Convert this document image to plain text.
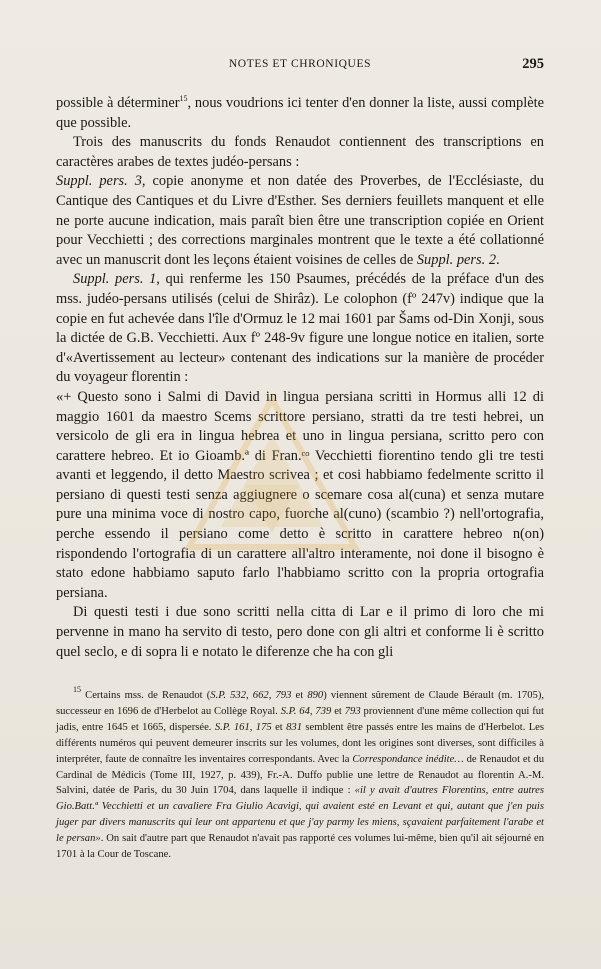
NOTES ET CHRONIQUES	295

possible à déterminer$^{15}$, nous voudrions ici tenter d'en donner la liste, aussi complète que possible.

Trois des manuscrits du fonds Renaudot contiennent des transcriptions en caractères arabes de textes judéo-persans :

Suppl. pers. 3, copie anonyme et non datée des Proverbes, de l'Ecclésiaste, du Cantique des Cantiques et du Livre d'Esther. Ses derniers feuillets manquent et elle ne porte aucune indication, mais paraît bien être une transcription copiée en Orient pour Vecchietti ; des corrections marginales montrent que le texte a été collationné avec un manuscrit dont les leçons étaient voisines de celles de Suppl. pers. 2.

Suppl. pers. 1, qui renferme les 150 Psaumes, précédés de la préface d'un des mss. judéo-persans utilisés (celui de Shirâz). Le colophon (fº 247v) indique que la copie en fut achevée dans l'île d'Ormuz le 12 mai 1601 par Šams od-Din Xonji, sous la dictée de G.B. Vecchietti. Aux fº 248-9v figure une longue notice en italien, sorte d'«Avertissement au lecteur» contenant des indications sur la manière de procéder du voyageur florentin :

«+ Questo sono i Salmi di David in lingua persiana scritti in Hormus alli 12 di maggio 1601 da maestro Scems scrittore persiano, stratti da tre testi hebrei, un versicolo de gli era in lingua hebrea et uno in lingua persiana, scritto pero con carattere hebreo. Et io Gioamb.ª di Fran.ᶜᵒ Vecchietti fiorentino tendo gli tre testi avanti et leggendo, il detto Maestro scrivea ; et cosi habbiamo fedelmente scritto il persiano di questi testi senza aggiugnere o scemare cosa al(cuna) et senza mutare pure una minima voce di nostro capo, fuorche al(cuno) (scambio ?) nell'ortografia, perche essendo il persiano come detto è scritto in carattere hebreo n(on) rispondendo l'ortografia di un carattere all'altro interamente, noi done il bisogno è stato edone habbiamo saputo farlo l'habbiamo scritto con la propria ortografia persiana.

Di questi testi i due sono scritti nella citta di Lar e il primo di loro che mi pervenne in mano ha servito di testo, pero done con gli altri et conforme li è scritto quel seclo, e di sopra li e notato le diferenze che ha con gli

$^{15}$ Certains mss. de Renaudot (S.P. 532, 662, 793 et 890) viennent sûrement de Claude Bérault (m. 1705), successeur en 1696 de d'Herbelot au Collège Royal. S.P. 64, 739 et 793 proviennent d'une même collection qui fut jadis, entre 1645 et 1665, dispersée. S.P. 161, 175 et 831 semblent être passés entre les mains de d'Herbelot. Les différents numéros qui peuvent demeurer inscrits sur les volumes, dont les origines sont diverses, sont difficiles à interpréter, faute de connaître les inventaires correspondants. Avec la Correspondance inédite… de Renaudot et du Cardinal de Médicis (Tome III, 1927, p. 439), Fr.-A. Duffo publie une lettre de Renaudot au florentin A.-M. Salvini, datée de Paris, du 30 Juin 1704, dans laquelle il indique : «il y avait d'autres Florentins, entre autres Gio.Batt.ª Vecchietti et un cavaliere Fra Giulio Acavigi, qui avaient esté en Levant et qui, autant que j'en puis juger par divers manuscrits qui leur ont appartenu et que j'ay parmy les miens, sçavaient parfaitement l'arabe et le persan». On sait d'autre part que Renaudot n'avait pas rapporté ces volumes lui-même, bien qu'il ait séjourné en 1701 à la Cour de Toscane.
